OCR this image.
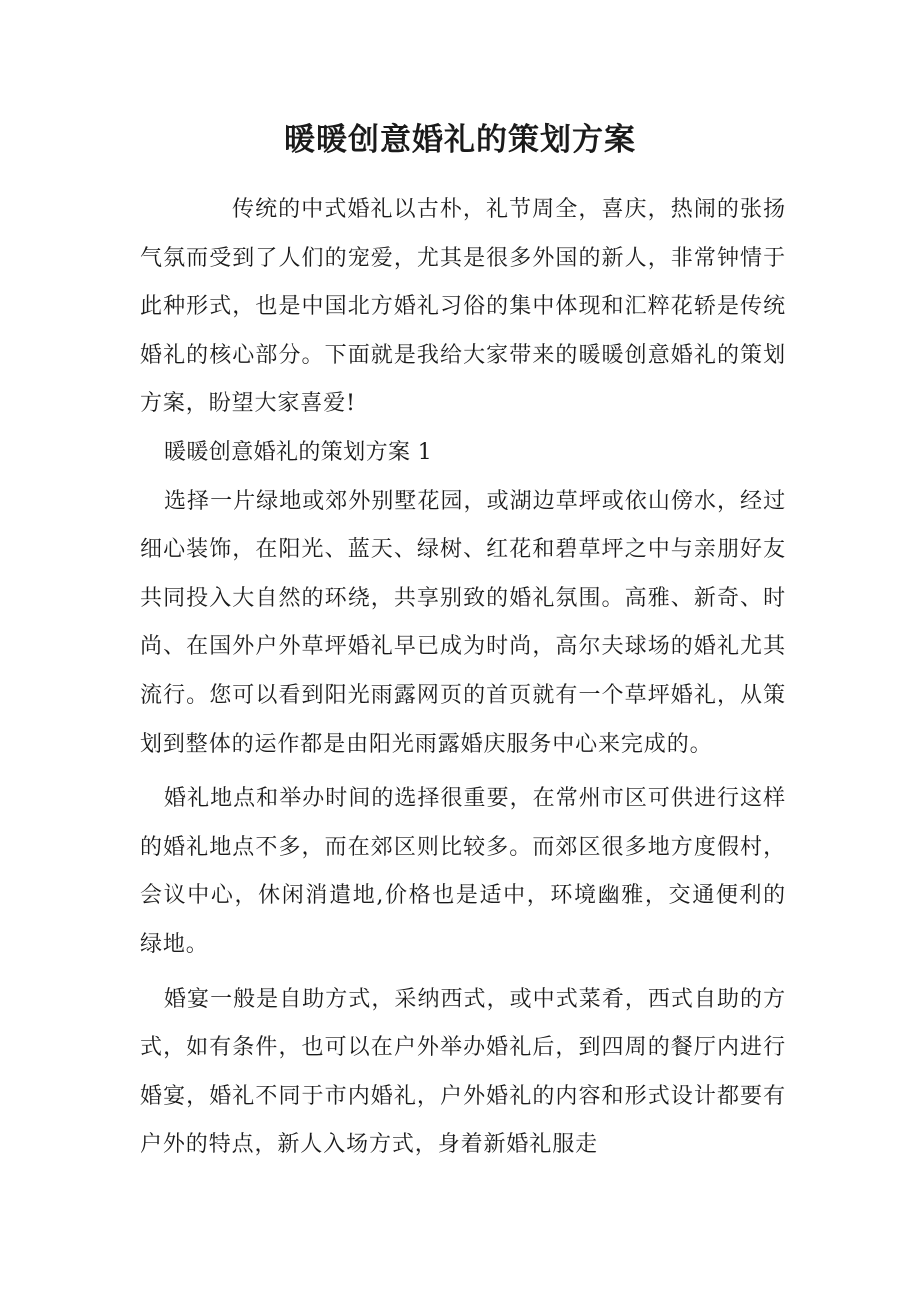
暖暖创意婚礼的策划方案

传统的中式婚礼以古朴，礼节周全，喜庆，热闹的张扬气氛而受到了人们的宠爱，尤其是很多外国的新人，非常钟情于此种形式，也是中国北方婚礼习俗的集中体现和汇粹花轿是传统婚礼的核心部分。下面就是我给大家带来的暖暖创意婚礼的策划方案，盼望大家喜爱!

暖暖创意婚礼的策划方案 1

选择一片绿地或郊外别墅花园，或湖边草坪或依山傍水，经过细心装饰，在阳光、蓝天、绿树、红花和碧草坪之中与亲朋好友共同投入大自然的环绕，共享别致的婚礼氛围。高雅、新奇、时尚、在国外户外草坪婚礼早已成为时尚，高尔夫球场的婚礼尤其流行。您可以看到阳光雨露网页的首页就有一个草坪婚礼，从策划到整体的运作都是由阳光雨露婚庆服务中心来完成的。

婚礼地点和举办时间的选择很重要，在常州市区可供进行这样的婚礼地点不多，而在郊区则比较多。而郊区很多地方度假村，会议中心，休闲消遣地,价格也是适中，环境幽雅，交通便利的绿地。

婚宴一般是自助方式，采纳西式，或中式菜肴，西式自助的方式，如有条件，也可以在户外举办婚礼后，到四周的餐厅内进行婚宴，婚礼不同于市内婚礼，户外婚礼的内容和形式设计都要有户外的特点，新人入场方式，身着新婚礼服走
